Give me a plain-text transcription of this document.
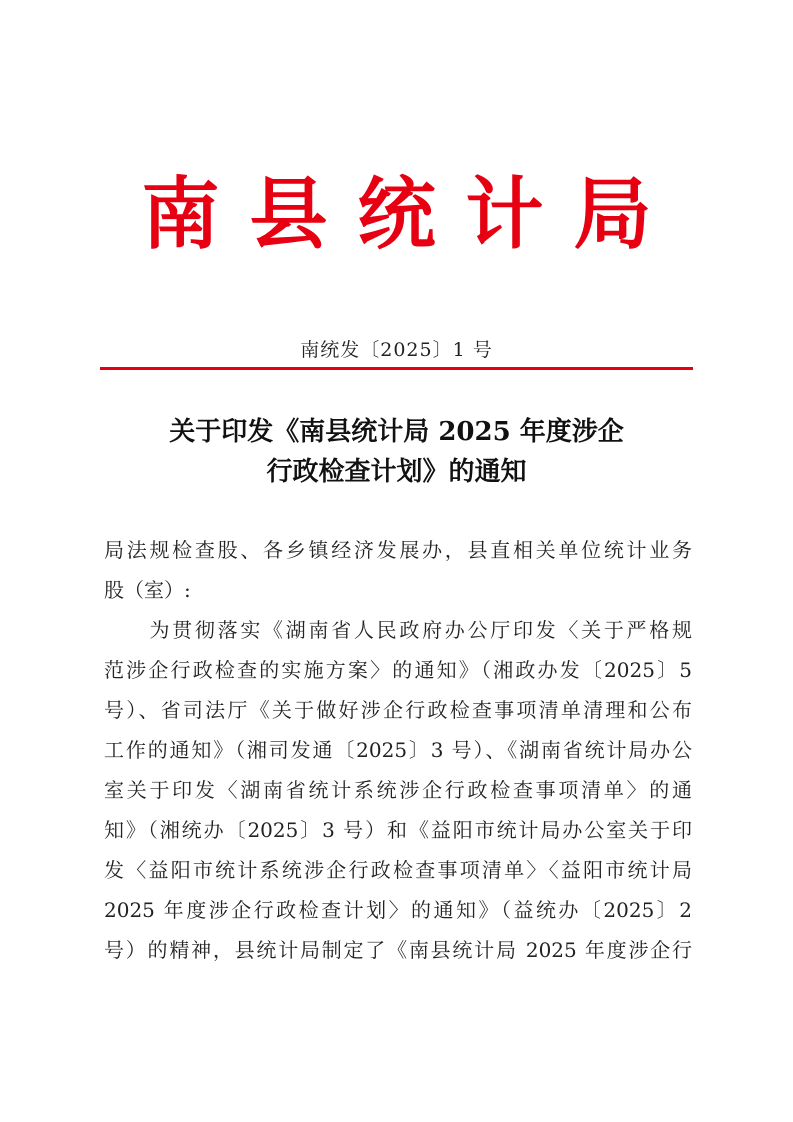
南县统计局
南统发〔2025〕1 号
关于印发《南县统计局 2025 年度涉企
行政检查计划》的通知
局法规检查股、各乡镇经济发展办，县直相关单位统计业务
股（室）:
　　为贯彻落实《湖南省人民政府办公厅印发〈关于严格规
范涉企行政检查的实施方案〉的通知》（湘政办发〔2025〕5
号）、省司法厅《关于做好涉企行政检查事项清单清理和公布
工作的通知》（湘司发通〔2025〕3 号）、《湖南省统计局办公
室关于印发〈湖南省统计系统涉企行政检查事项清单〉的通
知》（湘统办〔2025〕3 号）和《益阳市统计局办公室关于印
发〈益阳市统计系统涉企行政检查事项清单〉〈益阳市统计局
2025 年度涉企行政检查计划〉的通知》（益统办〔2025〕2
号）的精神，县统计局制定了《南县统计局 2025 年度涉企行
